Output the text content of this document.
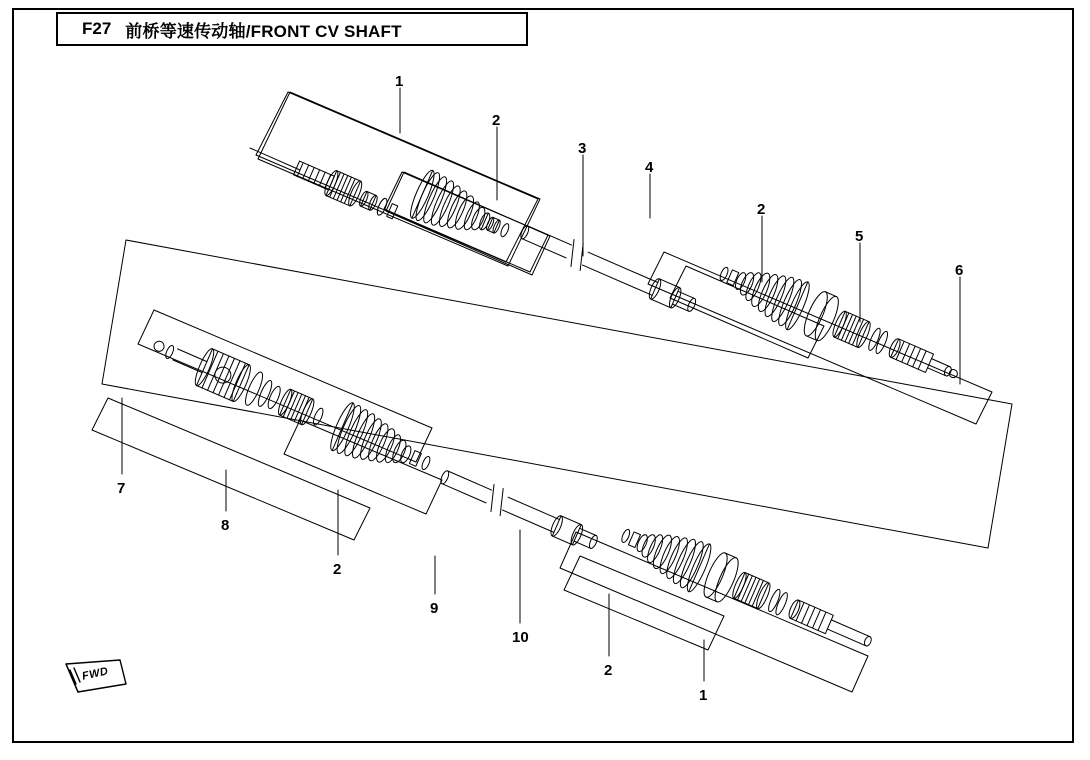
F27 前桥等速传动轴/FRONT CV SHAFT
1
2
3
4
2
5
6
7
8
2
9
10
2
1
FWD
